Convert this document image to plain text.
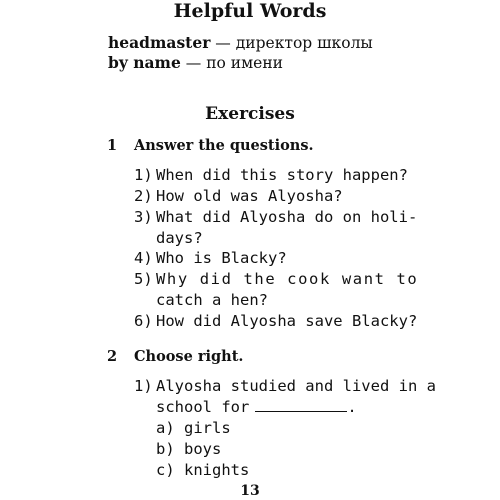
Helpful Words
headmaster — директор школы
by name — по имени
Exercises
1 Answer the questions.
1) When did this story happen?
2) How old was Alyosha?
3) What did Alyosha do on holi-
days?
4) Who is Blacky?
5) Why did the cook want to
catch a hen?
6) How did Alyosha save Blacky?
2 Choose right.
1) Alyosha studied and lived in a
school for	.
a) girls
b) boys
c) knights
13
